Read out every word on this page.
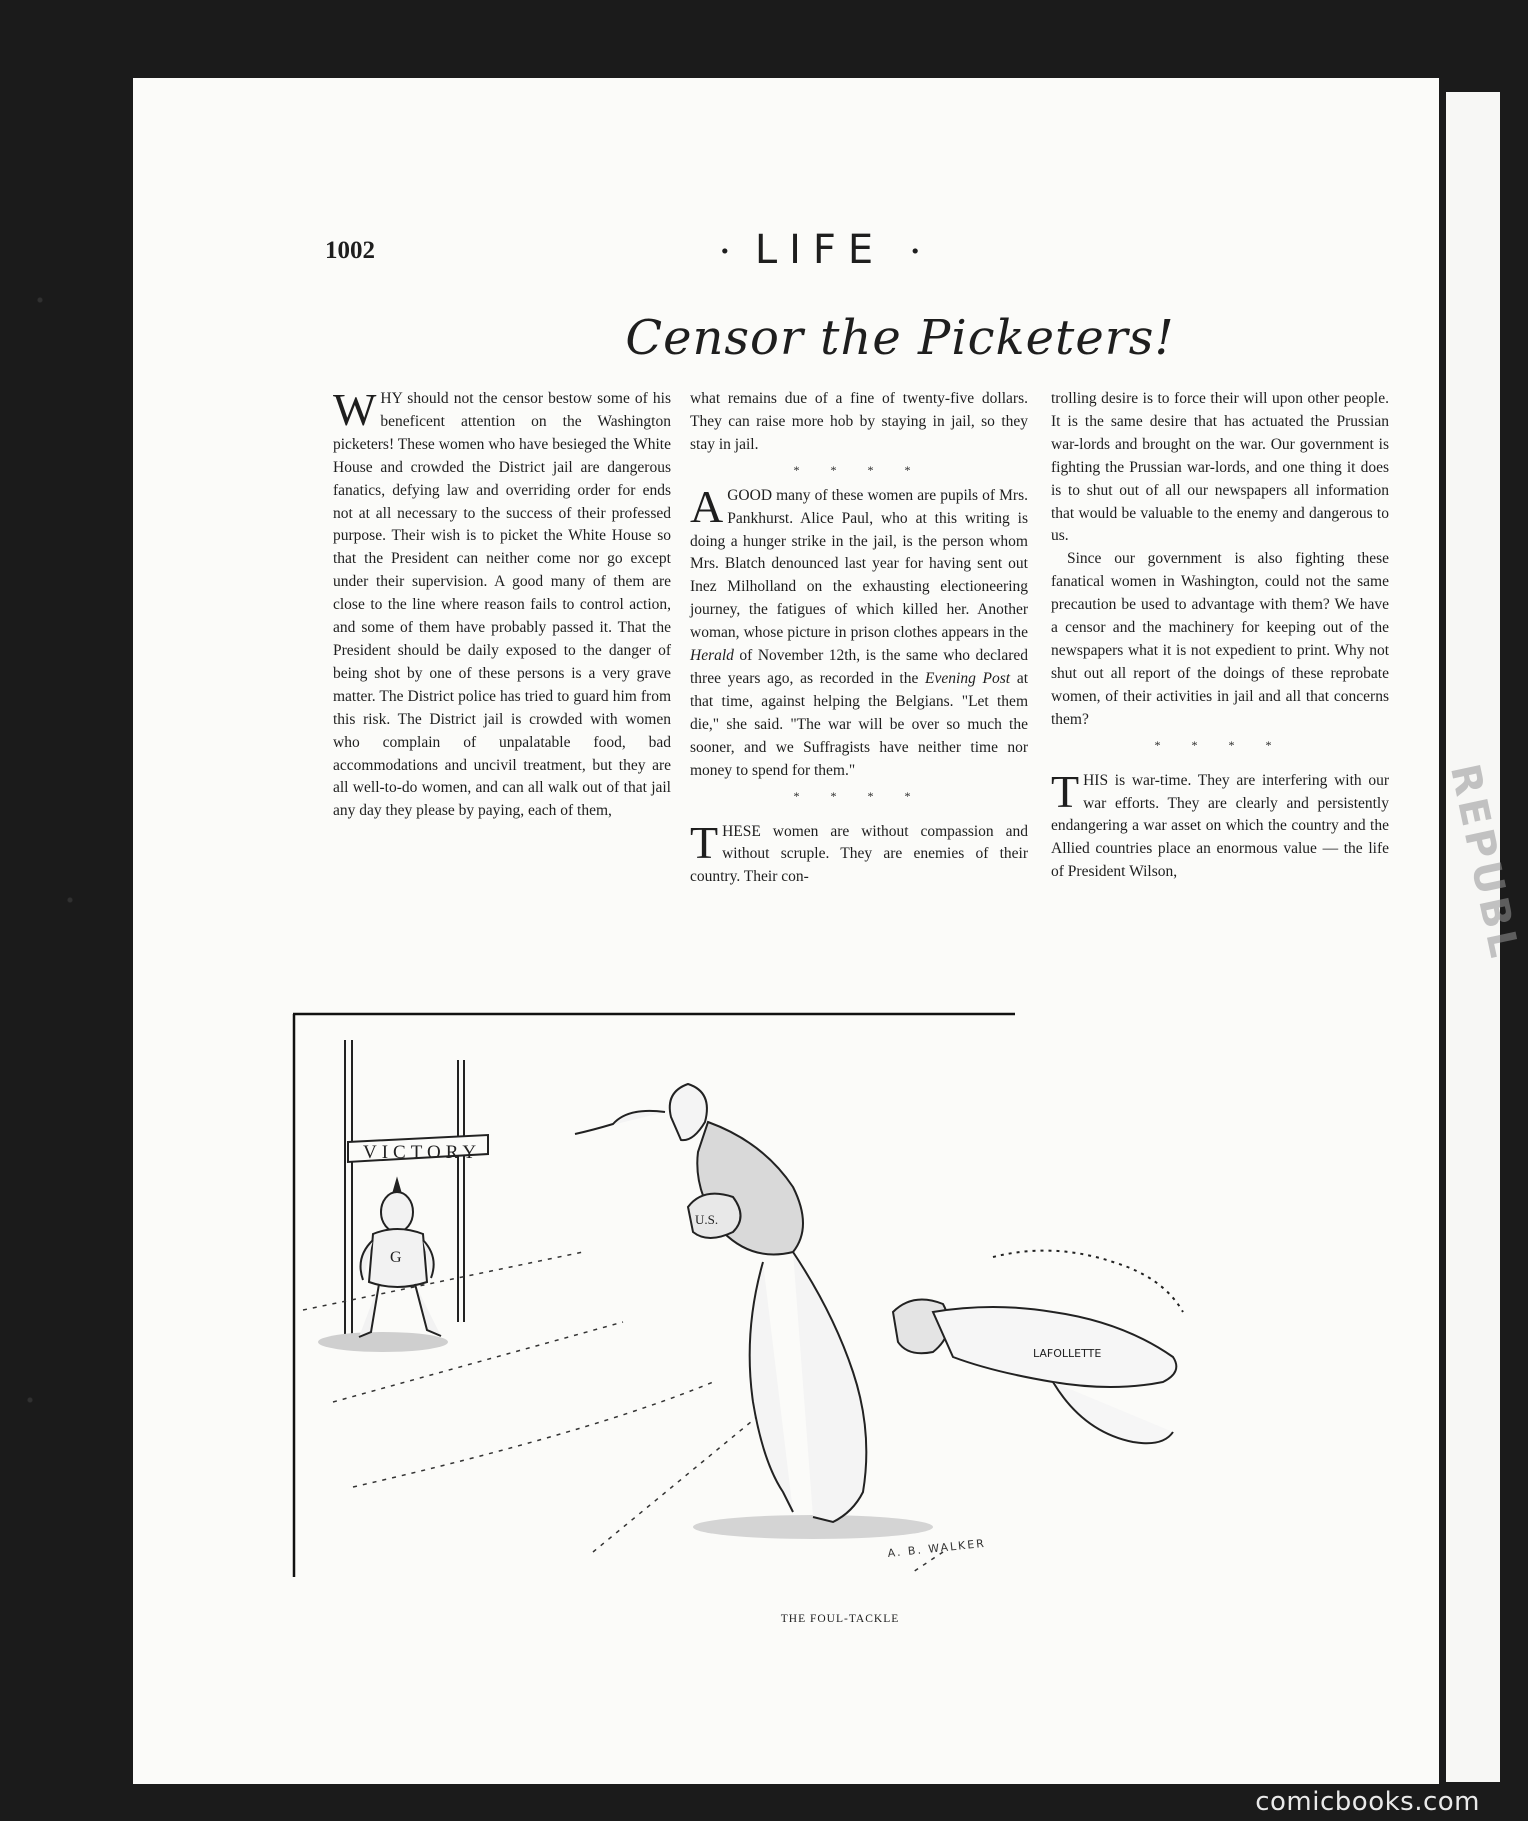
REPUBL
1002	• LIFE •
Censor the Picketers!

WHY should not the censor bestow some of his beneficent attention on the Washington picketers! These women who have besieged the White House and crowded the District jail are dangerous fanatics, defying law and overriding order for ends not at all necessary to the success of their professed purpose. Their wish is to picket the White House so that the President can neither come nor go except under their supervision. A good many of them are close to the line where reason fails to control action, and some of them have probably passed it. That the President should be daily exposed to the danger of being shot by one of these persons is a very grave matter. The District police has tried to guard him from this risk. The District jail is crowded with women who complain of unpalatable food, bad accommodations and uncivil treatment, but they are all well-to-do women, and can all walk out of that jail any day they please by paying, each of them,

what remains due of a fine of twenty-five dollars. They can raise more hob by staying in jail, so they stay in jail.

* * * *

AGOOD many of these women are pupils of Mrs. Pankhurst. Alice Paul, who at this writing is doing a hunger strike in the jail, is the person whom Mrs. Blatch denounced last year for having sent out Inez Milholland on the exhausting electioneering journey, the fatigues of which killed her. Another woman, whose picture in prison clothes appears in the Herald of November 12th, is the same who declared three years ago, as recorded in the Evening Post at that time, against helping the Belgians. "Let them die," she said. "The war will be over so much the sooner, and we Suffragists have neither time nor money to spend for them."

* * * *

THESE women are without compassion and without scruple. They are enemies of their country. Their con-

trolling desire is to force their will upon other people. It is the same desire that has actuated the Prussian war-lords and brought on the war. Our government is fighting the Prussian war-lords, and one thing it does is to shut out of all our newspapers all information that would be valuable to the enemy and dangerous to us.

Since our government is also fighting these fanatical women in Washington, could not the same precaution be used to advantage with them? We have a censor and the machinery for keeping out of the newspapers what it is not expedient to print. Why not shut out all report of the doings of these reprobate women, of their activities in jail and all that concerns them?

* * * *

THIS is war-time. They are interfering with our war efforts. They are clearly and persistently endangering a war asset on which the country and the Allied countries place an enormous value — the life of President Wilson,

VICTORY
G
U.S.
LAFOLLETTE
A. B. WALKER
THE FOUL-TACKLE
comicbooks.com
